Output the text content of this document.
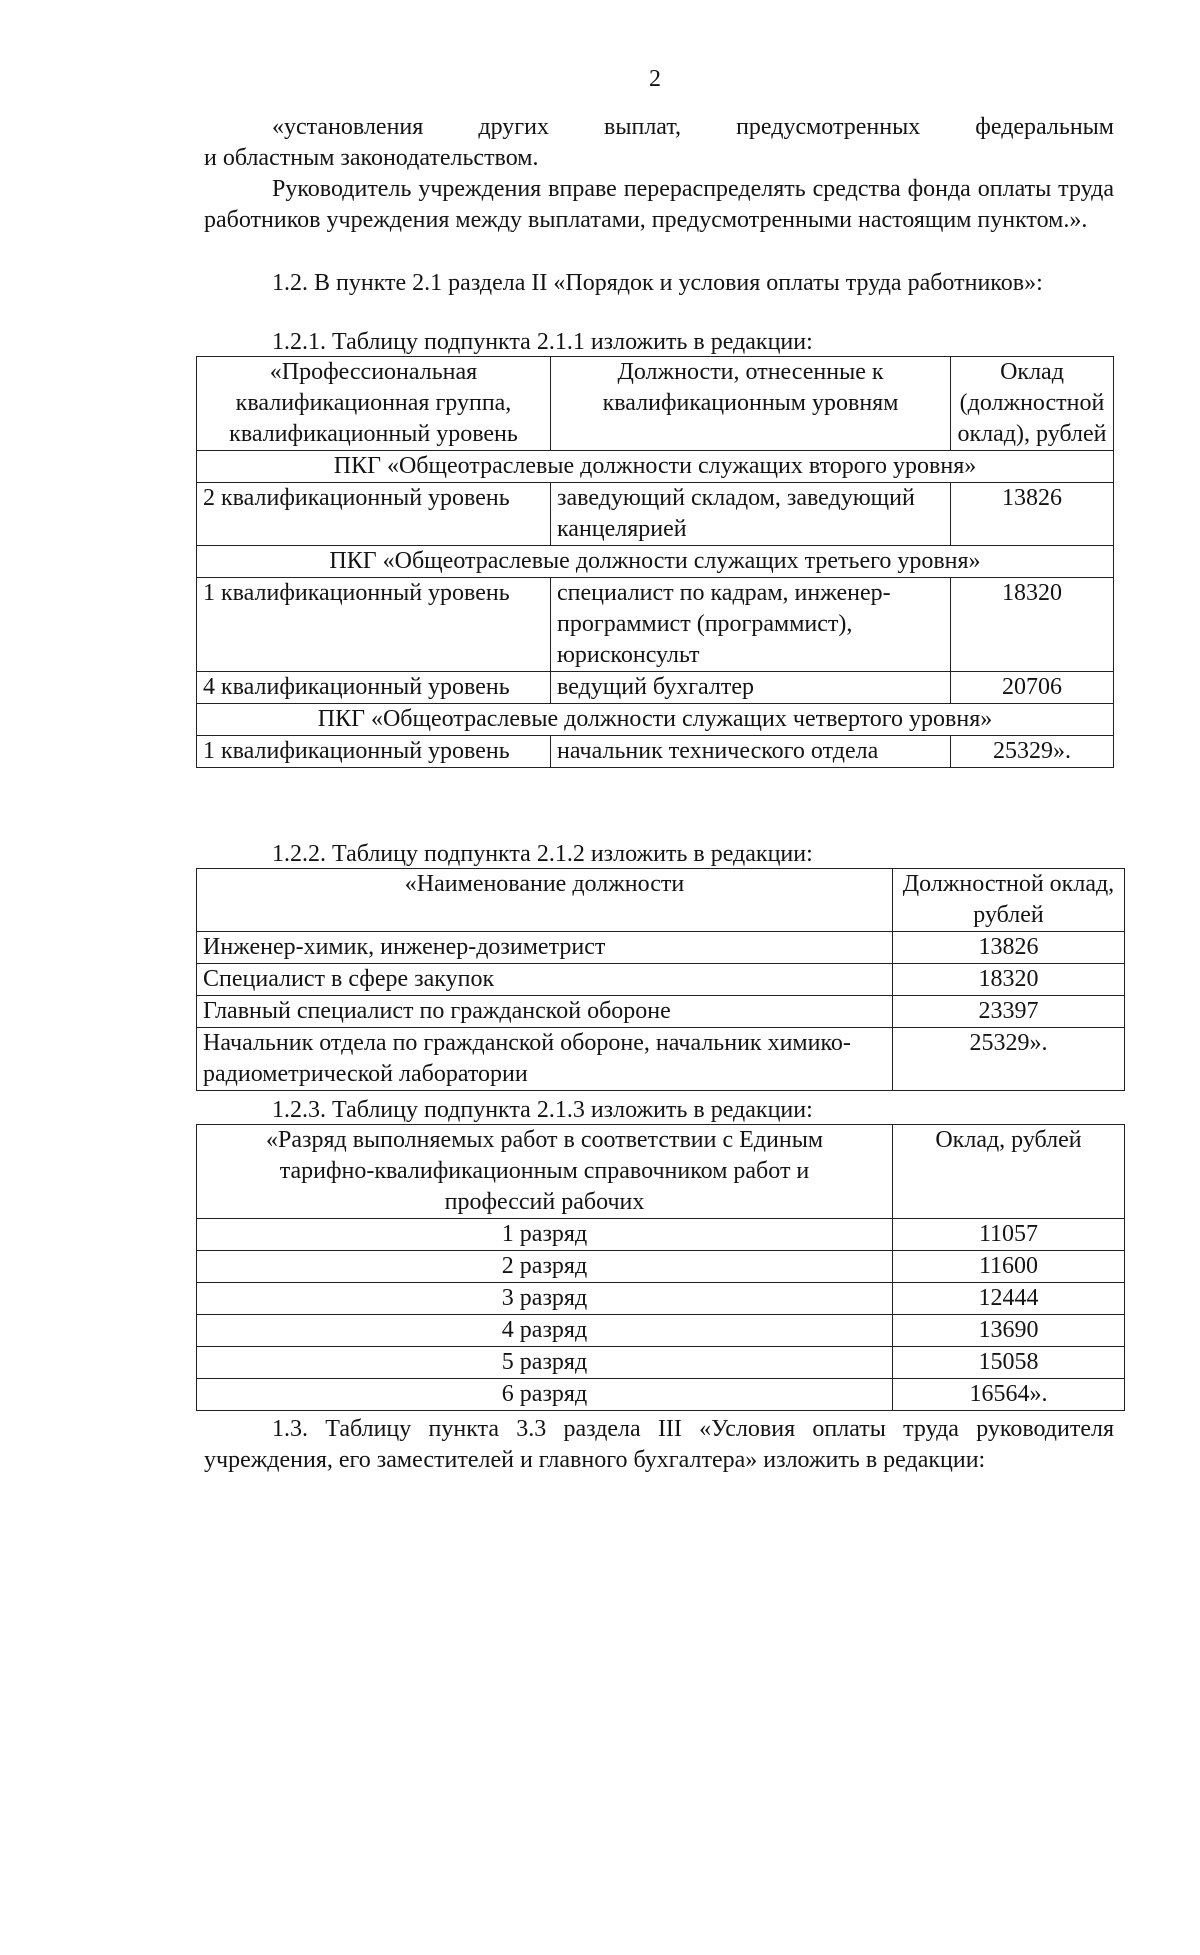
2

«установления других выплат, предусмотренных федеральным

и областным законодательством.

Руководитель учреждения вправе перераспределять средства фонда оплаты труда работников учреждения между выплатами, предусмотренными настоящим пунктом.».

1.2. В пункте 2.1 раздела II «Порядок и условия оплаты труда работников»:

1.2.1. Таблицу подпункта 2.1.1 изложить в редакции:

«Профессиональная квалификационная группа, квалификационный уровень	Должности, отнесенные к квалификационным уровням	Оклад (должностной оклад), рублей
ПКГ «Общеотраслевые должности служащих второго уровня»		
2 квалификационный уровень	заведующий складом, заведующий канцелярией	13826
ПКГ «Общеотраслевые должности служащих третьего уровня»		
1 квалификационный уровень	специалист по кадрам, инженер-программист (программист), юрисконсульт	18320
4 квалификационный уровень	ведущий бухгалтер	20706
ПКГ «Общеотраслевые должности служащих четвертого уровня»		
1 квалификационный уровень	начальник технического отдела	25329».

1.2.2. Таблицу подпункта 2.1.2 изложить в редакции:

«Наименование должности	Должностной оклад, рублей
Инженер-химик, инженер-дозиметрист	13826
Специалист в сфере закупок	18320
Главный специалист по гражданской обороне	23397
Начальник отдела по гражданской обороне, начальник химико-радиометрической лаборатории	25329».

1.2.3. Таблицу подпункта 2.1.3 изложить в редакции:

«Разряд выполняемых работ в соответствии с Единым тарифно-квалификационным справочником работ и профессий рабочих	Оклад, рублей
1 разряд	11057
2 разряд	11600
3 разряд	12444
4 разряд	13690
5 разряд	15058
6 разряд	16564».

1.3. Таблицу пункта 3.3 раздела III «Условия оплаты труда руководителя учреждения, его заместителей и главного бухгалтера» изложить в редакции:
